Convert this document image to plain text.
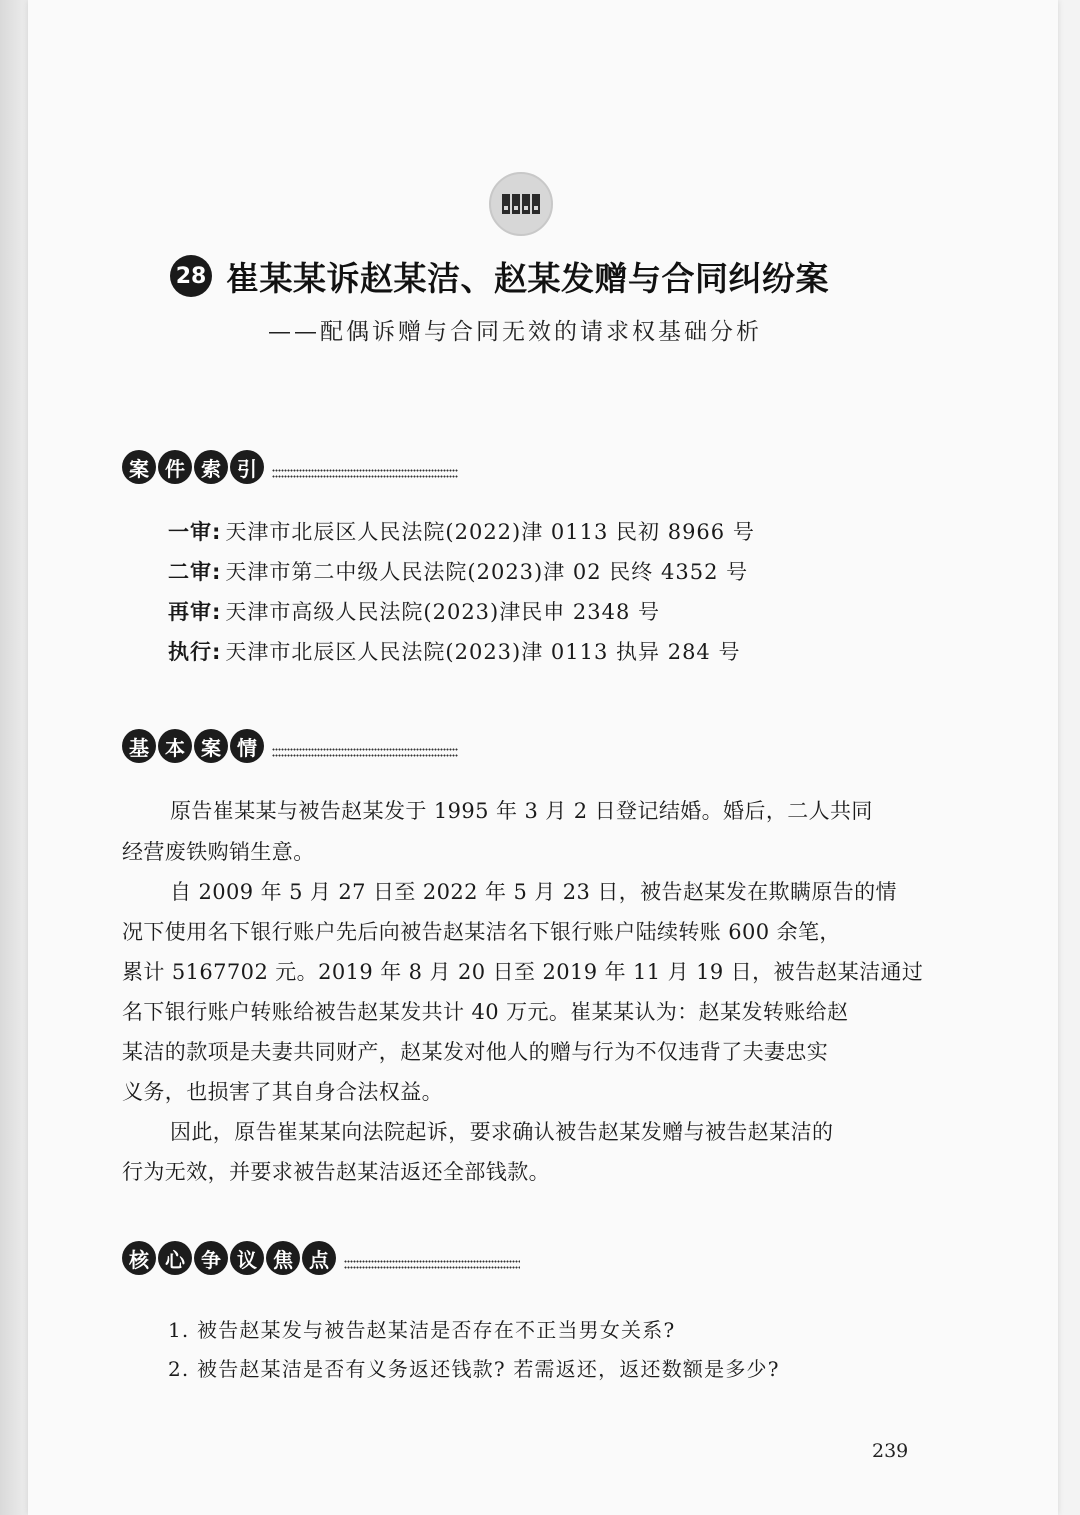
28 崔某某诉赵某洁、赵某发赠与合同纠纷案
——配偶诉赠与合同无效的请求权基础分析
案 件 索 引
一审: 天津市北辰区人民法院(2022)津 0113 民初 8966 号
二审: 天津市第二中级人民法院(2023)津 02 民终 4352 号
再审: 天津市高级人民法院(2023)津民申 2348 号
执行: 天津市北辰区人民法院(2023)津 0113 执异 284 号
基 本 案 情
原告崔某某与被告赵某发于 1995 年 3 月 2 日登记结婚。婚后，二人共同
经营废铁购销生意。
自 2009 年 5 月 27 日至 2022 年 5 月 23 日，被告赵某发在欺瞒原告的情
况下使用名下银行账户先后向被告赵某洁名下银行账户陆续转账 600 余笔，
累计 5167702 元。2019 年 8 月 20 日至 2019 年 11 月 19 日，被告赵某洁通过
名下银行账户转账给被告赵某发共计 40 万元。崔某某认为：赵某发转账给赵
某洁的款项是夫妻共同财产，赵某发对他人的赠与行为不仅违背了夫妻忠实
义务，也损害了其自身合法权益。
因此，原告崔某某向法院起诉，要求确认被告赵某发赠与被告赵某洁的
行为无效，并要求被告赵某洁返还全部钱款。
核 心 争 议 焦 点
1. 被告赵某发与被告赵某洁是否存在不正当男女关系?
2. 被告赵某洁是否有义务返还钱款? 若需返还，返还数额是多少?
239
